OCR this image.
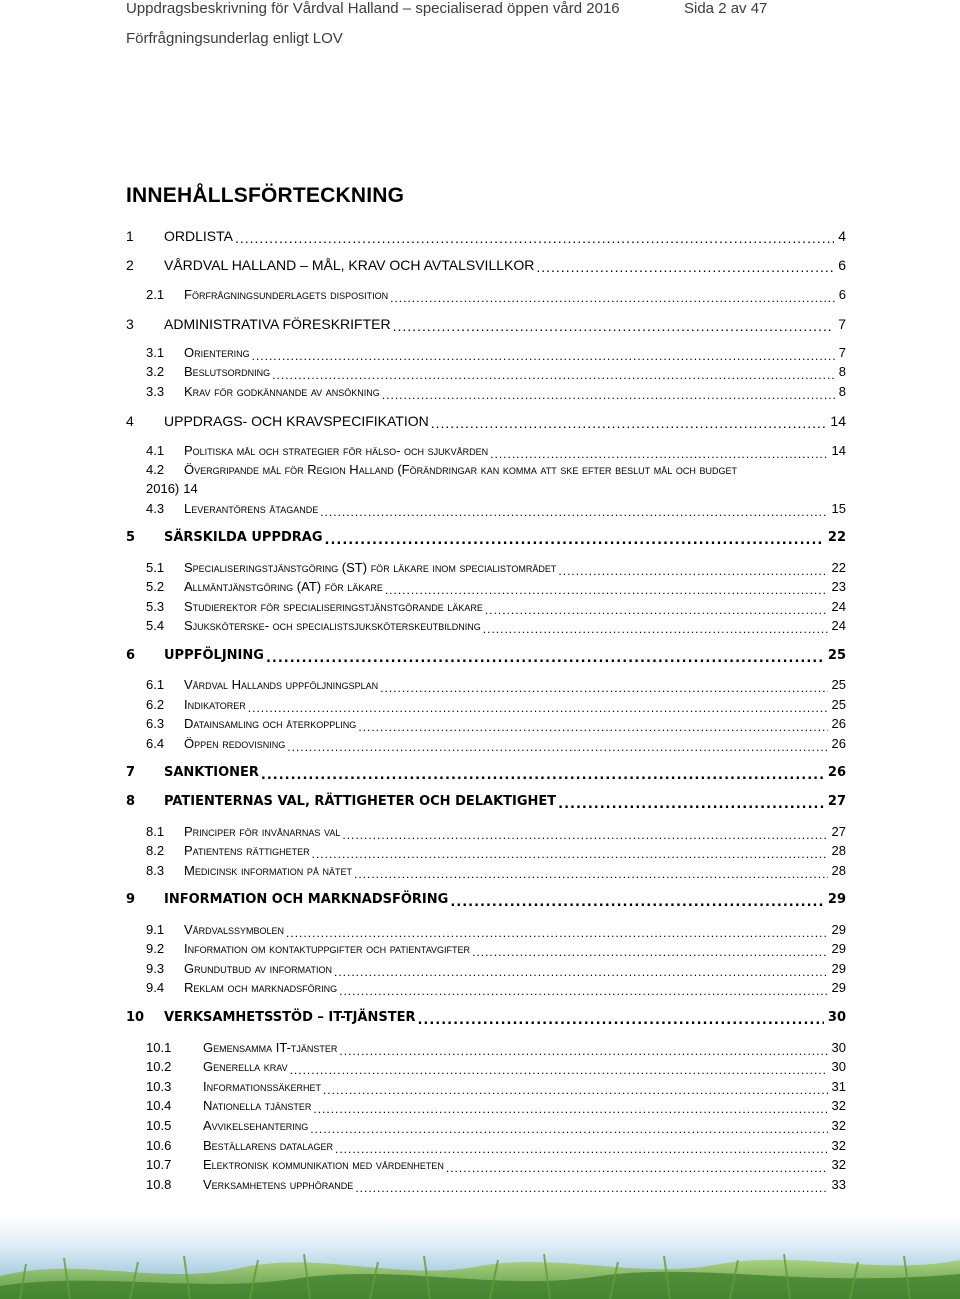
Uppdragsbeskrivning för Vårdval Halland – specialiserad öppen vård 2016	Sida 2 av 47
Förfrågningsunderlag enligt LOV
INNEHÅLLSFÖRTECKNING
1	ORDLISTA .....	4
2	VÅRDVAL HALLAND – MÅL, KRAV OCH AVTALSVILLKOR .....	6
2.1	Förfrågningsunderlagets disposition .....	6
3	ADMINISTRATIVA FÖRESKRIFTER .....	7
3.1	Orientering .....	7
3.2	Beslutsordning .....	8
3.3	Krav för godkännande av ansökning .....	8
4	UPPDRAGS- OCH KRAVSPECIFIKATION .....	14
4.1	Politiska mål och strategier för hälso- och sjukvården .....	14
4.2	Övergripande mål för Region Halland (Förändringar kan komma att ske efter beslut mål och budget
2016) 14
4.3	Leverantörens åtagande .....	15
5	SÄRSKILDA UPPDRAG .....	22
5.1	Specialiseringstjänstgöring (ST) för läkare inom specialistområdet .....	22
5.2	Allmäntjänstgöring (AT) för läkare .....	23
5.3	Studierektor för specialiseringstjänstgörande läkare .....	24
5.4	Sjuksköterske- och specialistsjuksköterskeutbildning .....	24
6	UPPFÖLJNING .....	25
6.1	Vårdval Hallands uppföljningsplan .....	25
6.2	Indikatorer .....	25
6.3	Datainsamling och återkoppling .....	26
6.4	Öppen redovisning .....	26
7	SANKTIONER .....	26
8	PATIENTERNAS VAL, RÄTTIGHETER OCH DELAKTIGHET .....	27
8.1	Principer för invånarnas val .....	27
8.2	Patientens rättigheter .....	28
8.3	Medicinsk information på nätet .....	28
9	INFORMATION OCH MARKNADSFÖRING .....	29
9.1	Vårdvalssymbolen .....	29
9.2	Information om kontaktuppgifter och patientavgifter .....	29
9.3	Grundutbud av information .....	29
9.4	Reklam och marknadsföring .....	29
10	VERKSAMHETSSTÖD – IT-TJÄNSTER .....	30
10.1	Gemensamma IT-tjänster .....	30
10.2	Generella krav .....	30
10.3	Informationssäkerhet .....	31
10.4	Nationella tjänster .....	32
10.5	Avvikelsehantering .....	32
10.6	Beställarens datalager .....	32
10.7	Elektronisk kommunikation med vårdenheten .....	32
10.8	Verksamhetens upphörande .....	33
